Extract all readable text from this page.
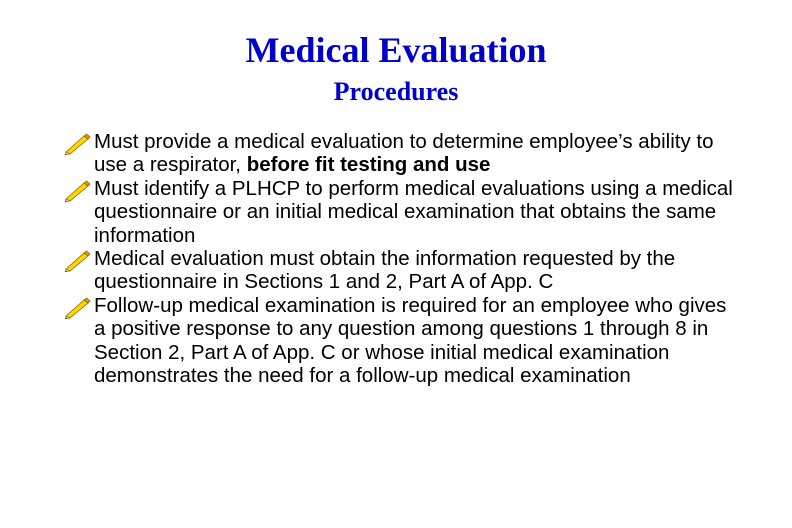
Medical Evaluation
Procedures
Must provide a medical evaluation to determine employee’s ability to use a respirator, before fit testing and use
Must identify a PLHCP to perform medical evaluations using a medical questionnaire or an initial medical examination that obtains the same information
Medical evaluation must obtain the information requested by the questionnaire in Sections 1 and 2, Part A of App. C
Follow-up medical examination is required for an employee who gives a positive response to any question among questions 1 through 8 in Section 2, Part A of App. C or whose initial medical examination demonstrates the need for a follow-up medical examination
